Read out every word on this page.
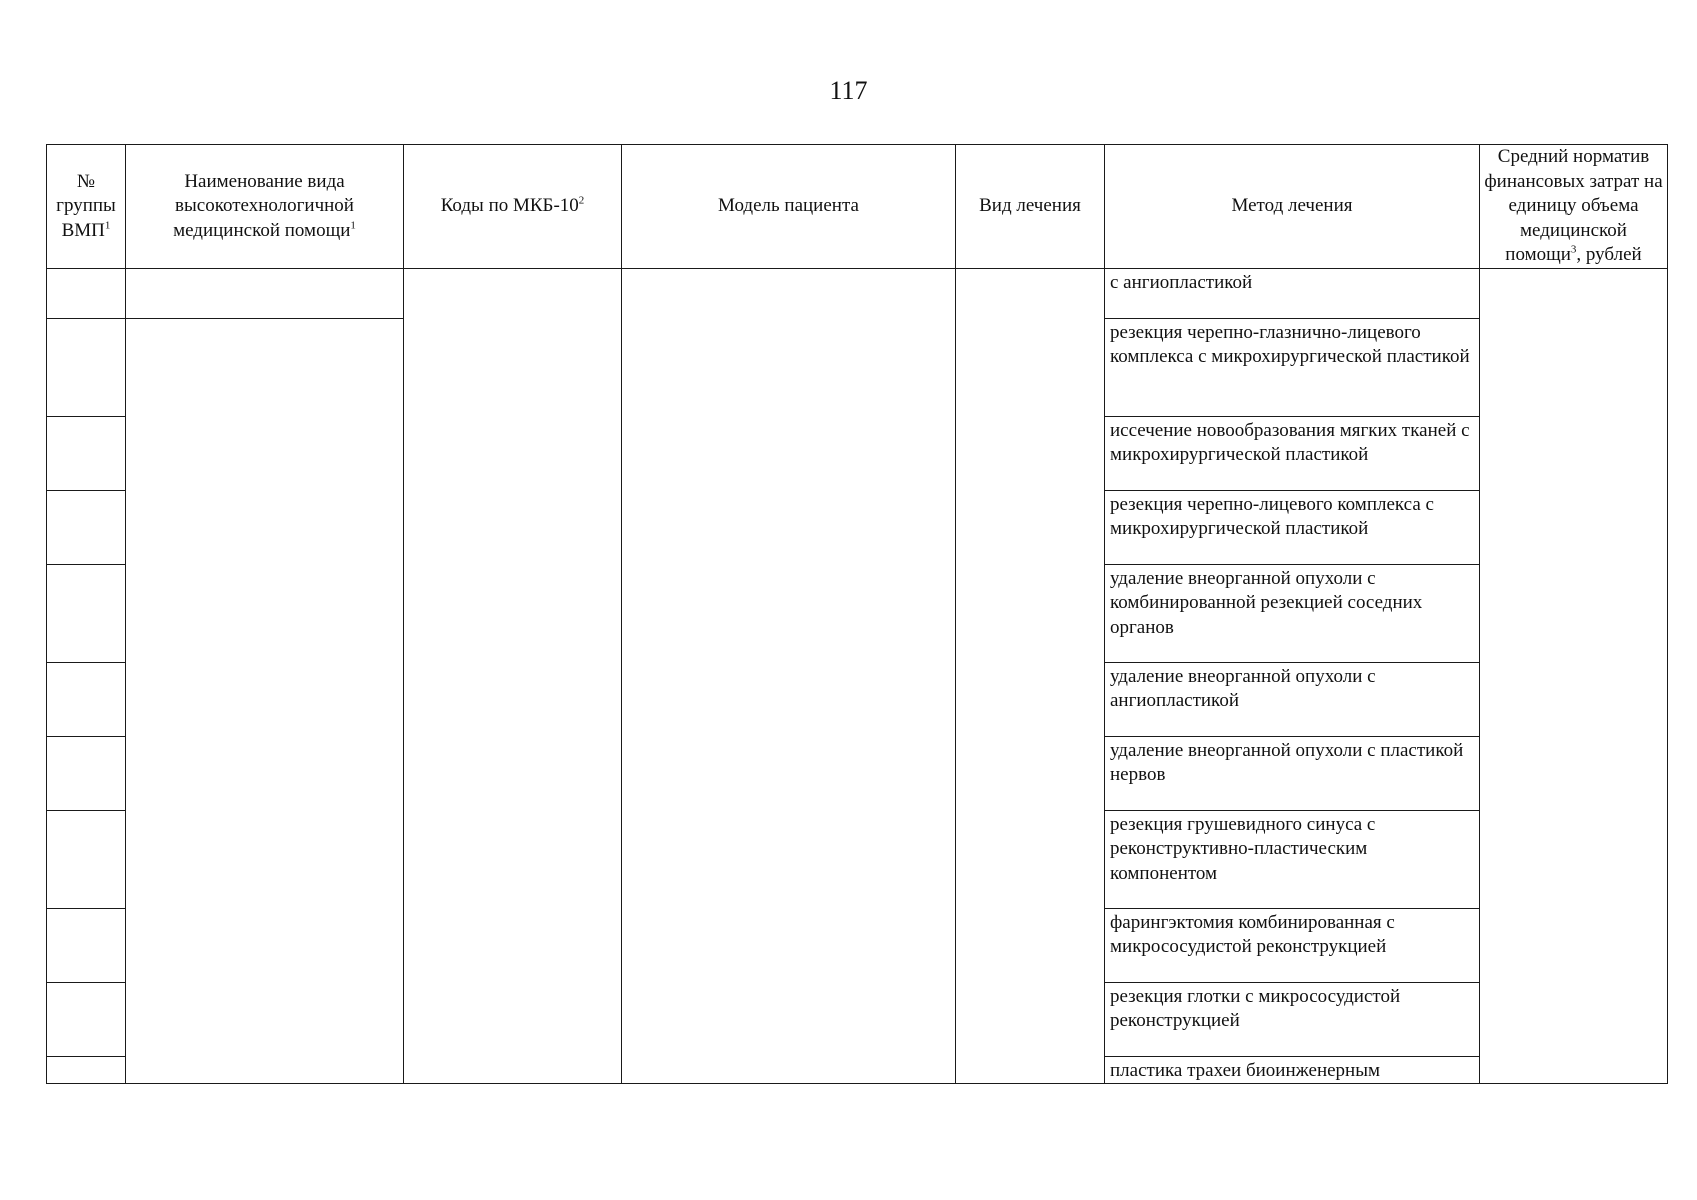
117
№ группы ВМП$^1$	Наименование вида высокотехнологичной медицинской помощи$^1$	Коды по МКБ-$10^2$	Модель пациента	Вид лечения	Метод лечения	Средний норматив финансовых затрат на единицу объема медицинской помощи$^3$, рублей
					с ангиопластикой	
					резекция черепно-глазнично-лицевого комплекса с микрохирургической пластикой	
					иссечение новообразования мягких тканей с микрохирургической пластикой	
					резекция черепно-лицевого комплекса с микрохирургической пластикой	
					удаление внеорганной опухоли с комбинированной резекцией соседних органов	
					удаление внеорганной опухоли с ангиопластикой	
					удаление внеорганной опухоли с пластикой нервов	
					резекция грушевидного синуса с реконструктивно-пластическим компонентом	
					фарингэктомия комбинированная с микрососудистой реконструкцией	
					резекция глотки с микрососудистой реконструкцией	
					пластика трахеи биоинженерным	
